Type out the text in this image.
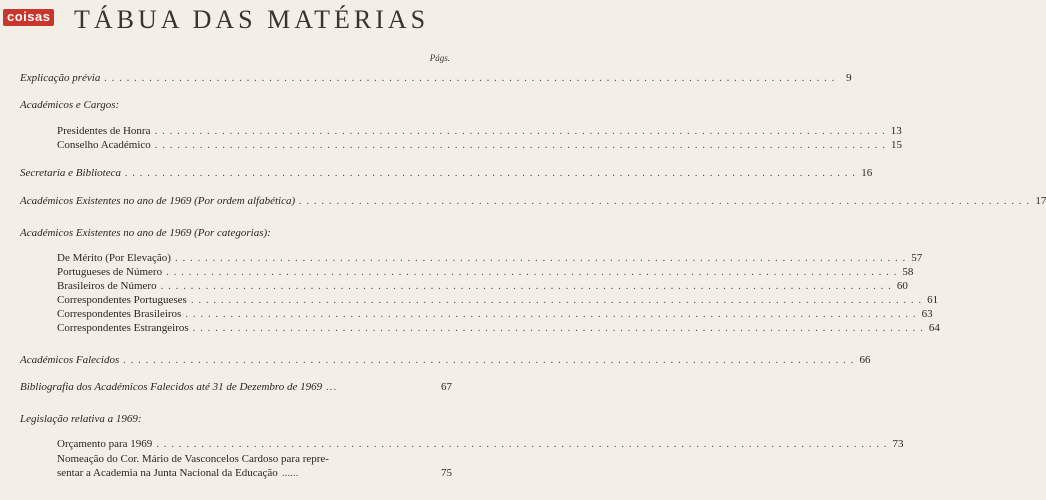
coisas TÁBUA DAS MATÉRIAS
Págs.
Explicação prévia . . . . . . . . . . . . . . . . . . . . . . . . . . . . . . . . . . . . . . . . . . . . . . . . . . . . . . . . . . . . . . . . . . . . . . . . . . . . . . . . . . . . . . . . . . . . . . . . . . 9
Académicos e Cargos:
Presidentes de Honra . . . . . . . . . . . . . . . . . . . . . . . . . . . . . . . . . . . . . . . . . . . . . . . . . . . . . . . . . . . . . . . . . . . . . . . . . . . . . . . . . . . . . . . . . . . . . . . . . . 13
Conselho Académico . . . . . . . . . . . . . . . . . . . . . . . . . . . . . . . . . . . . . . . . . . . . . . . . . . . . . . . . . . . . . . . . . . . . . . . . . . . . . . . . . . . . . . . . . . . . . . . . . . 15
Secretaria e Biblioteca . . . . . . . . . . . . . . . . . . . . . . . . . . . . . . . . . . . . . . . . . . . . . . . . . . . . . . . . . . . . . . . . . . . . . . . . . . . . . . . . . . . . . . . . . . . . . . . . . . 16
Académicos Existentes no ano de 1969 (Por ordem alfabética) . . . . . . . . . . . . . . . . . . . . . . . . . . . . . . . . . . . . . . . . . . . . . . . . . . . . . . . . . . . . . . . . . . . . . . . . . . . . . . . . . . . . . . . . . . . . . . . . . . 17
Académicos Existentes no ano de 1969 (Por categorias):
De Mérito (Por Elevação) . . . . . . . . . . . . . . . . . . . . . . . . . . . . . . . . . . . . . . . . . . . . . . . . . . . . . . . . . . . . . . . . . . . . . . . . . . . . . . . . . . . . . . . . . . . . . . . . . . 57
Portugueses de Número . . . . . . . . . . . . . . . . . . . . . . . . . . . . . . . . . . . . . . . . . . . . . . . . . . . . . . . . . . . . . . . . . . . . . . . . . . . . . . . . . . . . . . . . . . . . . . . . . . 58
Brasileiros de Número . . . . . . . . . . . . . . . . . . . . . . . . . . . . . . . . . . . . . . . . . . . . . . . . . . . . . . . . . . . . . . . . . . . . . . . . . . . . . . . . . . . . . . . . . . . . . . . . . . 60
Correspondentes Portugueses . . . . . . . . . . . . . . . . . . . . . . . . . . . . . . . . . . . . . . . . . . . . . . . . . . . . . . . . . . . . . . . . . . . . . . . . . . . . . . . . . . . . . . . . . . . . . . . . . . 61
Correspondentes Brasileiros . . . . . . . . . . . . . . . . . . . . . . . . . . . . . . . . . . . . . . . . . . . . . . . . . . . . . . . . . . . . . . . . . . . . . . . . . . . . . . . . . . . . . . . . . . . . . . . . . . 63
Correspondentes Estrangeiros . . . . . . . . . . . . . . . . . . . . . . . . . . . . . . . . . . . . . . . . . . . . . . . . . . . . . . . . . . . . . . . . . . . . . . . . . . . . . . . . . . . . . . . . . . . . . . . . . . 64
Académicos Falecidos . . . . . . . . . . . . . . . . . . . . . . . . . . . . . . . . . . . . . . . . . . . . . . . . . . . . . . . . . . . . . . . . . . . . . . . . . . . . . . . . . . . . . . . . . . . . . . . . . . 66
Bibliografia dos Académicos Falecidos até 31 de Dezembro de 1969 ...	67
Legislação relativa a 1969:
Orçamento para 1969 . . . . . . . . . . . . . . . . . . . . . . . . . . . . . . . . . . . . . . . . . . . . . . . . . . . . . . . . . . . . . . . . . . . . . . . . . . . . . . . . . . . . . . . . . . . . . . . . . . 73
Nomeação do Cor. Mário de Vasconcelos Cardoso para repre-
sentar a Academia na Junta Nacional da Educação ......	75
